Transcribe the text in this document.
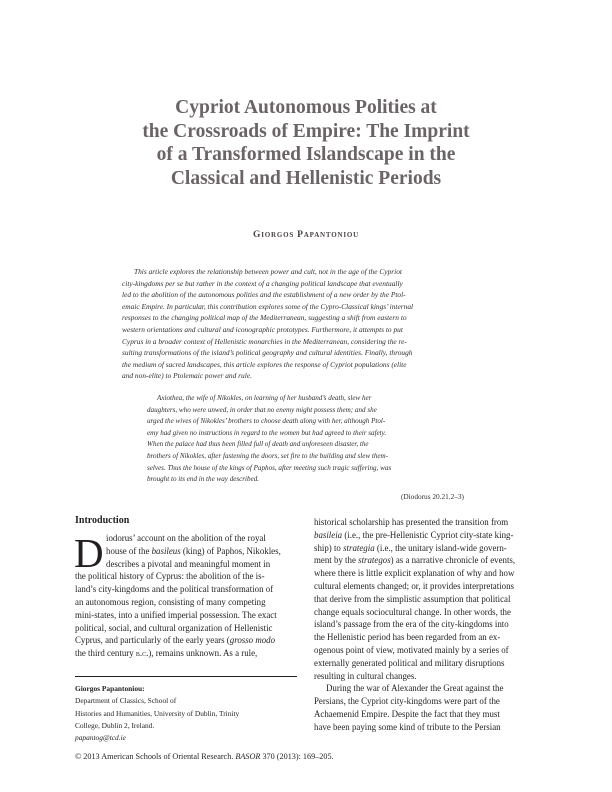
Cypriot Autonomous Polities at
the Crossroads of Empire: The Imprint
of a Transformed Islandscape in the
Classical and Hellenistic Periods
Giorgos Papantoniou
This article explores the relationship between power and cult, not in the age of the Cypriot
city-kingdoms per se but rather in the context of a changing political landscape that eventually
led to the abolition of the autonomous polities and the establishment of a new order by the Ptol-
emaic Empire. In particular, this contribution explores some of the Cypro-Classical kings’ internal
responses to the changing political map of the Mediterranean, suggesting a shift from eastern to
western orientations and cultural and iconographic prototypes. Furthermore, it attempts to put
Cyprus in a broader context of Hellenistic monarchies in the Mediterranean, considering the re-
sulting transformations of the island’s political geography and cultural identities. Finally, through
the medium of sacred landscapes, this article explores the response of Cypriot populations (elite
and non-elite) to Ptolemaic power and rule.
Axiothea, the wife of Nikokles, on learning of her husband’s death, slew her
daughters, who were unwed, in order that no enemy might possess them; and she
urged the wives of Nikokles’ brothers to choose death along with her, although Ptol-
emy had given no instructions in regard to the women but had agreed to their safety.
When the palace had thus been filled full of death and unforeseen disaster, the
brothers of Nikokles, after fastening the doors, set fire to the building and slew them-
selves. Thus the house of the kings of Paphos, after meeting such tragic suffering, was
brought to its end in the way described.
(Diodorus 20.21.2–3)
Introduction
D iodorus’ account on the abolition of the royal
house of the basileus (king) of Paphos, Nikokles,
describes a pivotal and meaningful moment in
the political history of Cyprus: the abolition of the is-
land’s city-kingdoms and the political transformation of
an autonomous region, consisting of many competing
mini-states, into a unified imperial possession. The exact
political, social, and cultural organization of Hellenistic
Cyprus, and particularly of the early years (grosso modo
the third century b.c.), remains unknown. As a rule,
historical scholarship has presented the transition from
basileia (i.e., the pre-Hellenistic Cypriot city-state king-
ship) to strategia (i.e., the unitary island-wide govern-
ment by the strategos) as a narrative chronicle of events,
where there is little explicit explanation of why and how
cultural elements changed; or, it provides interpretations
that derive from the simplistic assumption that political
change equals sociocultural change. In other words, the
island’s passage from the era of the city-kingdoms into
the Hellenistic period has been regarded from an ex-
ogenous point of view, motivated mainly by a series of
externally generated political and military disruptions
resulting in cultural changes.
During the war of Alexander the Great against the
Persians, the Cypriot city-kingdoms were part of the
Achaemenid Empire. Despite the fact that they must
have been paying some kind of tribute to the Persian
Giorgos Papantoniou:
Department of Classics, School of
Histories and Humanities, University of Dublin, Trinity
College, Dublin 2, Ireland.
papantog@tcd.ie
© 2013 American Schools of Oriental Research. BASOR 370 (2013): 169–205.
